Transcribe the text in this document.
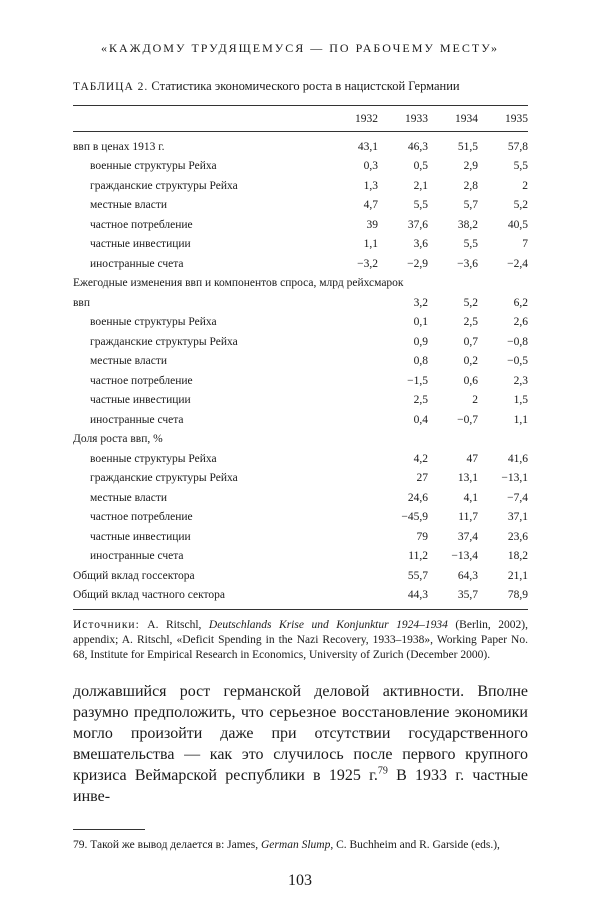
«КАЖДОМУ ТРУДЯЩЕМУСЯ — ПО РАБОЧЕМУ МЕСТУ»
ТАБЛИЦА 2. Статистика экономического роста в нацистской Германии
	1932	1933	1934	1935

ввп в ценах 1913 г.	43,1	46,3	51,5	57,8
военные структуры Рейха	0,3	0,5	2,9	5,5
гражданские структуры Рейха	1,3	2,1	2,8	2
местные власти	4,7	5,5	5,7	5,2
частное потребление	39	37,6	38,2	40,5
частные инвестиции	1,1	3,6	5,5	7
иностранные счета	−3,2	−2,9	−3,6	−2,4
Ежегодные изменения ввп и компонентов спроса, млрд рейхсмарок				
ввп		3,2	5,2	6,2
военные структуры Рейха		0,1	2,5	2,6
гражданские структуры Рейха		0,9	0,7	−0,8
местные власти		0,8	0,2	−0,5
частное потребление		−1,5	0,6	2,3
частные инвестиции		2,5	2	1,5
иностранные счета		0,4	−0,7	1,1
Доля роста ввп, %				
военные структуры Рейха		4,2	47	41,6
гражданские структуры Рейха		27	13,1	−13,1
местные власти		24,6	4,1	−7,4
частное потребление		−45,9	11,7	37,1
частные инвестиции		79	37,4	23,6
иностранные счета		11,2	−13,4	18,2
Общий вклад госсектора		55,7	64,3	21,1
Общий вклад частного сектора		44,3	35,7	78,9
Источники: A. Ritschl, Deutschlands Krise und Konjunktur 1924–1934 (Berlin, 2002), appendix; A. Ritschl, «Deficit Spending in the Nazi Recovery, 1933–1938», Working Paper No. 68, Institute for Empirical Research in Economics, University of Zurich (December 2000).

должавшийся рост германской деловой активности. Вполне разумно предположить, что серьезное восстановление экономики могло произойти даже при отсутствии государственного вмешательства — как это случилось после первого крупного кризиса Веймарской республики в 1925 г.$^{79}$ В 1933 г. частные инве-

79. Такой же вывод делается в: James, German Slump, C. Buchheim and R. Garside (eds.),
103
